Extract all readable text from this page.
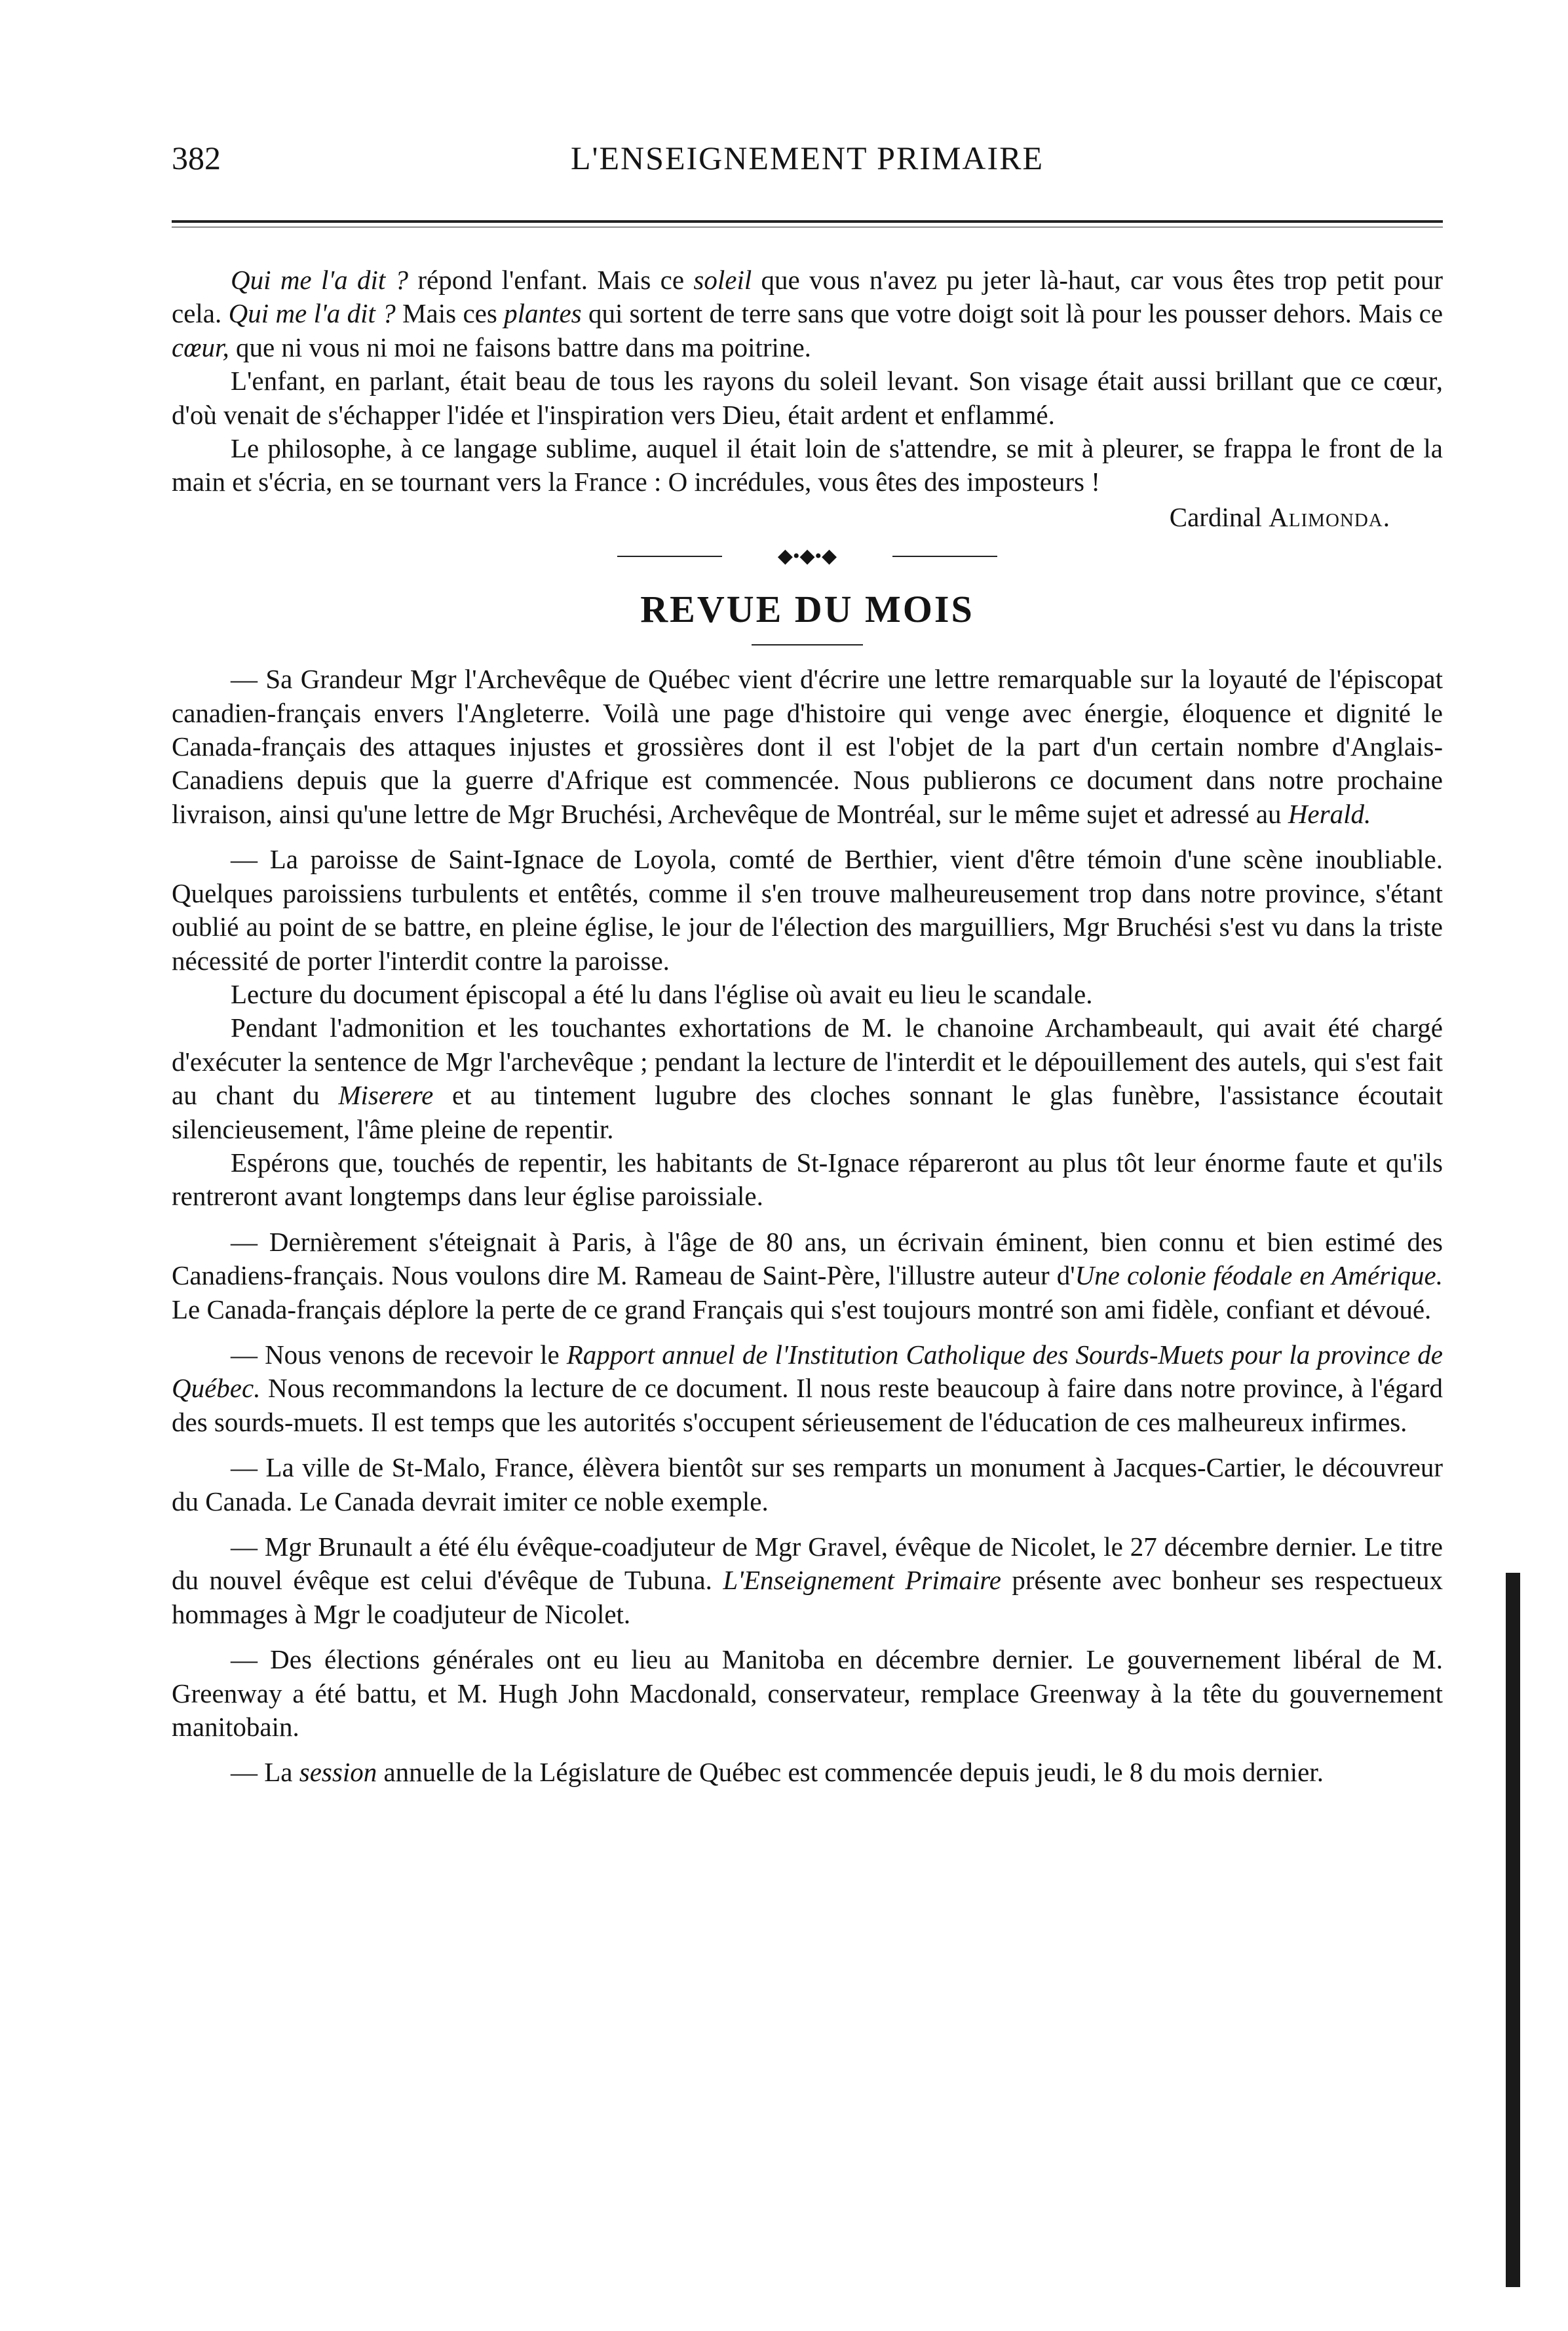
382	L'ENSEIGNEMENT PRIMAIRE

Qui me l'a dit ? répond l'enfant. Mais ce soleil que vous n'avez pu jeter là-haut, car vous êtes trop petit pour cela. Qui me l'a dit ? Mais ces plantes qui sortent de terre sans que votre doigt soit là pour les pousser dehors. Mais ce cœur, que ni vous ni moi ne faisons battre dans ma poitrine.

L'enfant, en parlant, était beau de tous les rayons du soleil levant. Son visage était aussi brillant que ce cœur, d'où venait de s'échapper l'idée et l'inspiration vers Dieu, était ardent et enflammé.

Le philosophe, à ce langage sublime, auquel il était loin de s'attendre, se mit à pleurer, se frappa le front de la main et s'écria, en se tournant vers la France : O incrédules, vous êtes des imposteurs !

Cardinal Alimonda.

◆•◆•◆

REVUE DU MOIS

— Sa Grandeur Mgr l'Archevêque de Québec vient d'écrire une lettre remarquable sur la loyauté de l'épiscopat canadien-français envers l'Angleterre. Voilà une page d'histoire qui venge avec énergie, éloquence et dignité le Canada-français des attaques injustes et grossières dont il est l'objet de la part d'un certain nombre d'Anglais-Canadiens depuis que la guerre d'Afrique est commencée. Nous publierons ce document dans notre prochaine livraison, ainsi qu'une lettre de Mgr Bruchési, Archevêque de Montréal, sur le même sujet et adressé au Herald.

— La paroisse de Saint-Ignace de Loyola, comté de Berthier, vient d'être témoin d'une scène inoubliable. Quelques paroissiens turbulents et entêtés, comme il s'en trouve malheureusement trop dans notre province, s'étant oublié au point de se battre, en pleine église, le jour de l'élection des marguilliers, Mgr Bruchési s'est vu dans la triste nécessité de porter l'interdit contre la paroisse.

Lecture du document épiscopal a été lu dans l'église où avait eu lieu le scandale.

Pendant l'admonition et les touchantes exhortations de M. le chanoine Archambeault, qui avait été chargé d'exécuter la sentence de Mgr l'archevêque ; pendant la lecture de l'interdit et le dépouillement des autels, qui s'est fait au chant du Miserere et au tintement lugubre des cloches sonnant le glas funèbre, l'assistance écoutait silencieusement, l'âme pleine de repentir.

Espérons que, touchés de repentir, les habitants de St-Ignace répareront au plus tôt leur énorme faute et qu'ils rentreront avant longtemps dans leur église paroissiale.

— Dernièrement s'éteignait à Paris, à l'âge de 80 ans, un écrivain éminent, bien connu et bien estimé des Canadiens-français. Nous voulons dire M. Rameau de Saint-Père, l'illustre auteur d'Une colonie féodale en Amérique. Le Canada-français déplore la perte de ce grand Français qui s'est toujours montré son ami fidèle, confiant et dévoué.

— Nous venons de recevoir le Rapport annuel de l'Institution Catholique des Sourds-Muets pour la province de Québec. Nous recommandons la lecture de ce document. Il nous reste beaucoup à faire dans notre province, à l'égard des sourds-muets. Il est temps que les autorités s'occupent sérieusement de l'éducation de ces malheureux infirmes.

— La ville de St-Malo, France, élèvera bientôt sur ses remparts un monument à Jacques-Cartier, le découvreur du Canada. Le Canada devrait imiter ce noble exemple.

— Mgr Brunault a été élu évêque-coadjuteur de Mgr Gravel, évêque de Nicolet, le 27 décembre dernier. Le titre du nouvel évêque est celui d'évêque de Tubuna. L'Enseignement Primaire présente avec bonheur ses respectueux hommages à Mgr le coadjuteur de Nicolet.

— Des élections générales ont eu lieu au Manitoba en décembre dernier. Le gouvernement libéral de M. Greenway a été battu, et M. Hugh John Macdonald, conservateur, remplace Greenway à la tête du gouvernement manitobain.

— La session annuelle de la Législature de Québec est commencée depuis jeudi, le 8 du mois dernier.
